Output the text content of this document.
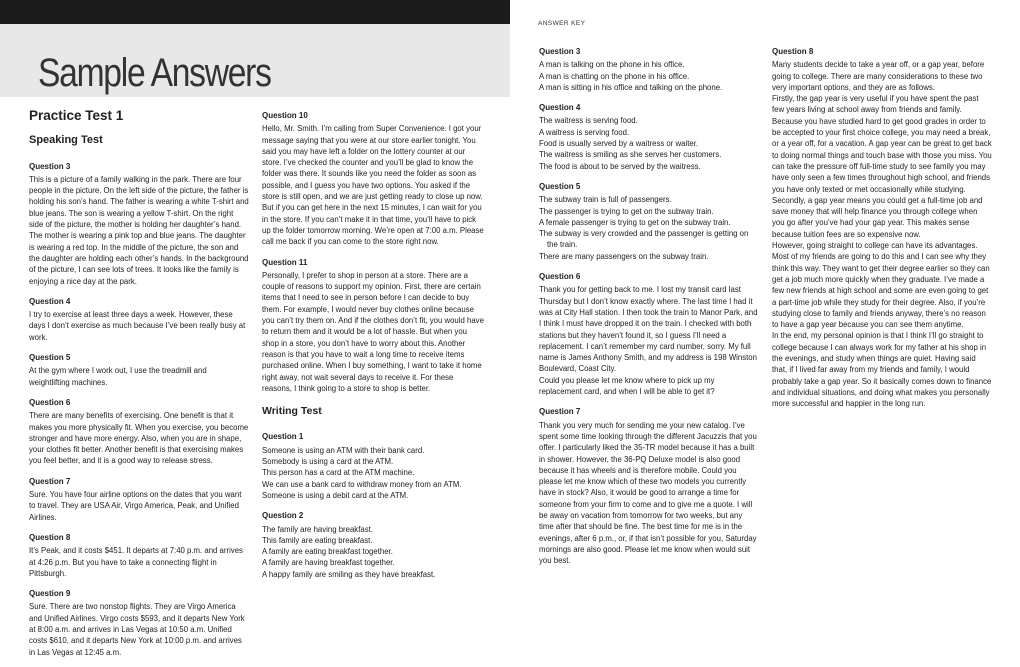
Sample Answers
ANSWER KEY
Practice Test 1
Speaking Test
Question 3

This is a picture of a family walking in the park. There are four people in the picture. On the left side of the picture, the father is holding his son’s hand. The father is wearing a white T-shirt and blue jeans. The son is wearing a yellow T-shirt. On the right side of the picture, the mother is holding her daughter’s hand. The mother is wearing a pink top and blue jeans. The daughter is wearing a red top. In the middle of the picture, the son and the daughter are holding each other’s hands. In the background of the picture, I can see lots of trees. It looks like the family is enjoying a nice day at the park.

Question 4

I try to exercise at least three days a week. However, these days I don’t exercise as much because I’ve been really busy at work.

Question 5

At the gym where I work out, I use the treadmill and weightlifting machines.

Question 6

There are many benefits of exercising. One benefit is that it makes you more physically fit. When you exercise, you become stronger and have more energy. Also, when you are in shape, your clothes fit better. Another benefit is that exercising makes you feel better, and it is a good way to release stress.

Question 7

Sure. You have four airline options on the dates that you want to travel. They are USA Air, Virgo America, Peak, and Unified Airlines.

Question 8

It’s Peak, and it costs $451. It departs at 7:40 p.m. and arrives at 4:26 p.m. But you have to take a connecting flight in Pittsburgh.

Question 9

Sure. There are two nonstop flights. They are Virgo America and Unified Airlines. Virgo costs $593, and it departs New York at 8:00 a.m. and arrives in Las Vegas at 10:50 a.m. Unified costs $610, and it departs New York at 10:00 p.m. and arrives in Las Vegas at 12:45 a.m.

Question 10

Hello, Mr. Smith. I’m calling from Super Convenience. I got your message saying that you were at our store earlier tonight. You said you may have left a folder on the lottery counter at our store. I’ve checked the counter and you’ll be glad to know the folder was there. It sounds like you need the folder as soon as possible, and I guess you have two options. You asked if the store is still open, and we are just getting ready to close up now. But if you can get here in the next 15 minutes, I can wait for you in the store. If you can’t make it in that time, you’ll have to pick up the folder tomorrow morning. We’re open at 7:00 a.m. Please call me back if you can come to the store right now.

Question 11

Personally, I prefer to shop in person at a store. There are a couple of reasons to support my opinion. First, there are certain items that I need to see in person before I can decide to buy them. For example, I would never buy clothes online because you can’t try them on. And if the clothes don’t fit, you would have to return them and it would be a lot of hassle. But when you shop in a store, you don’t have to worry about this. Another reason is that you have to wait a long time to receive items purchased online. When I buy something, I want to take it home right away, not wait several days to receive it. For these reasons, I think going to a store to shop is better.

Writing Test
Question 1
Someone is using an ATM with their bank card.
Somebody is using a card at the ATM.
This person has a card at the ATM machine.
We can use a bank card to withdraw money from an ATM.
Someone is using a debit card at the ATM.
Question 2
The family are having breakfast.
This family are eating breakfast.
A family are eating breakfast together.
A family are having breakfast together.
A happy family are smiling as they have breakfast.
Question 3
A man is talking on the phone in his office.
A man is chatting on the phone in his office.
A man is sitting in his office and talking on the phone.
Question 4
The waitress is serving food.
A waitress is serving food.
Food is usually served by a waitress or waiter.
The waitress is smiling as she serves her customers.
The food is about to be served by the waitress.
Question 5
The subway train is full of passengers.
The passenger is trying to get on the subway train.
A female passenger is trying to get on the subway train.
The subway is very crowded and the passenger is getting on
the train.
There are many passengers on the subway train.
Question 6

Thank you for getting back to me. I lost my transit card last Thursday but I don’t know exactly where. The last time I had it was at City Hall station. I then took the train to Manor Park, and I think I must have dropped it on the train. I checked with both stations but they haven’t found it, so I guess I’ll need a replacement. I can’t remember my card number, sorry. My full name is James Anthony Smith, and my address is 198 Winston Boulevard, Coast City.

Could you please let me know where to pick up my replacement card, and when I will be able to get it?

Question 7

Thank you very much for sending me your new catalog. I’ve spent some time looking through the different Jacuzzis that you offer. I particularly liked the 35-TR model because it has a built in shower. However, the 36-PQ Deluxe model is also good because it has wheels and is therefore mobile. Could you please let me know which of these two models you currently have in stock? Also, it would be good to arrange a time for someone from your firm to come and to give me a quote. I will be away on vacation from tomorrow for two weeks, but any time after that should be fine. The best time for me is in the evenings, after 6 p.m., or, if that isn’t possible for you, Saturday mornings are also good. Please let me know when would suit you best.

Question 8

Many students decide to take a year off, or a gap year, before going to college. There are many considerations to these two very important options, and they are as follows.

Firstly, the gap year is very useful if you have spent the past few years living at school away from friends and family. Because you have studied hard to get good grades in order to be accepted to your first choice college, you may need a break, or a year off, for a vacation. A gap year can be great to get back to doing normal things and touch base with those you miss. You can take the pressure off full-time study to see family you may have only seen a few times throughout high school, and friends you have only texted or met occasionally while studying.

Secondly, a gap year means you could get a full-time job and save money that will help finance you through college when you go after you’ve had your gap year. This makes sense because tuition fees are so expensive now.

However, going straight to college can have its advantages. Most of my friends are going to do this and I can see why they think this way. They want to get their degree earlier so they can get a job much more quickly when they graduate. I’ve made a few new friends at high school and some are even going to get a part-time job while they study for their degree. Also, if you’re studying close to family and friends anyway, there’s no reason to have a gap year because you can see them anytime.

In the end, my personal opinion is that I think I’ll go straight to college because I can always work for my father at his shop in the evenings, and study when things are quiet. Having said that, if I lived far away from my friends and family, I would probably take a gap year. So it basically comes down to finance and individual situations, and doing what makes you personally more successful and happier in the long run.
